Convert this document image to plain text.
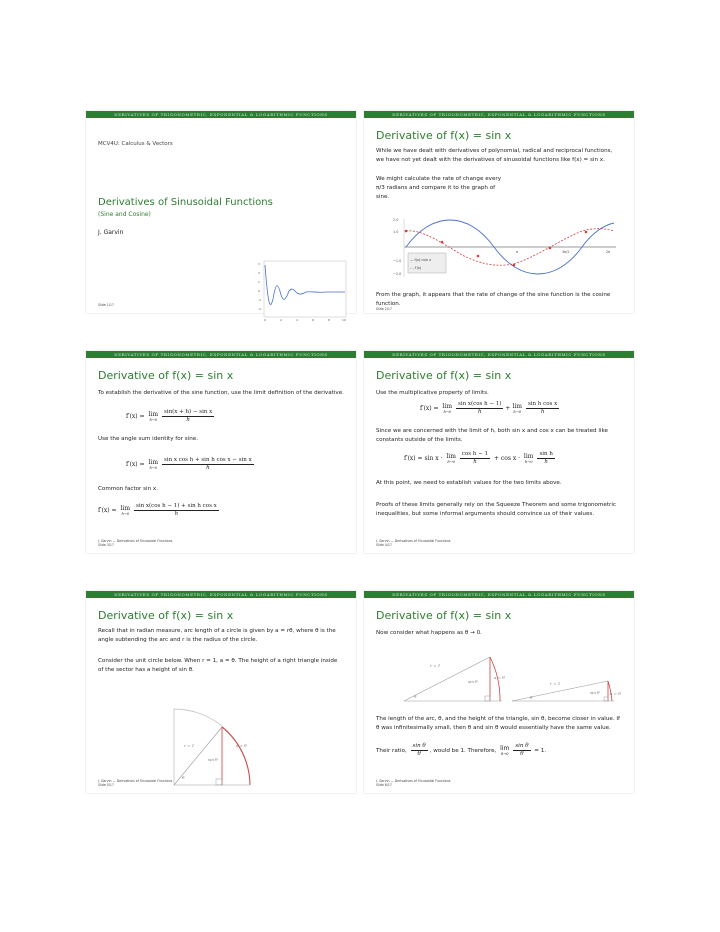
DERIVATIVES OF TRIGONOMETRIC, EXPONENTIAL & LOGARITHMIC FUNCTIONS
MCV4U: Calculus & Vectors
Derivatives of Sinusoidal Functions
(Sine and Cosine)
J. Garvin
3
2
1
0
-1
-2
0	2	4	6	8	10
Slide 1/17
DERIVATIVES OF TRIGONOMETRIC, EXPONENTIAL & LOGARITHMIC FUNCTIONS
Derivative of f(x) = sin x
While we have dealt with derivatives of polynomial, radical and reciprocal functions, we have not yet dealt with the derivatives of sinusoidal functions like f(x) = sin x.
We might calculate the rate of change every π/3 radians and compare it to the graph of sine.
2.0
1.0
−1.0
−2.0
π	3π/2	2π
— f(x)=sin x
- - f′(x)
From the graph, it appears that the rate of change of the sine function is the cosine function.
Slide 2/17
DERIVATIVES OF TRIGONOMETRIC, EXPONENTIAL & LOGARITHMIC FUNCTIONS
Derivative of f(x) = sin x
To establish the derivative of the sine function, use the limit definition of the derivative.
f′(x) = lim
$h\to 0 \frac{\text{sin(x + h) − sin x}}{h}$
Use the angle sum identity for sine.
f′(x) = lim
$h\to 0 \frac{\text{sin x cos h + sin h cos x − sin x}}{h}$
Common factor sin x.
f′(x) = lim
$h\to 0 \frac{\text{sin x(cos h − 1) + sin h cos x}}{h}$
J. Garvin — Derivatives of Sinusoidal Functions
Slide 3/17
DERIVATIVES OF TRIGONOMETRIC, EXPONENTIAL & LOGARITHMIC FUNCTIONS
Derivative of f(x) = sin x
Use the multiplicative property of limits.
f′(x) = lim
$h\to 0 \frac{\text{sin x(cos h − 1)}}{h} + \lim$
$h\to 0 \frac{\text{sin h cos x}}{h}$
Since we are concerned with the limit of h, both sin x and cos x can be treated like constants outside of the limits.
f′(x) = sin x · lim
$h\to 0 \frac{\text{cos h − 1}}{h} + \cos x \cdot \lim$
$h\to 0 \frac{\text{sin h}}{h}$
At this point, we need to establish values for the two limits above.
Proofs of these limits generally rely on the Squeeze Theorem and some trigonometric inequalities, but some informal arguments should convince us of their values.
J. Garvin — Derivatives of Sinusoidal Functions
Slide 4/17
DERIVATIVES OF TRIGONOMETRIC, EXPONENTIAL & LOGARITHMIC FUNCTIONS
Derivative of f(x) = sin x
Recall that in radian measure, arc length of a circle is given by a = rθ, where θ is the angle subtending the arc and r is the radius of the circle.
Consider the unit circle below. When r = 1, a = θ. The height of a right triangle inside of the sector has a height of sin θ.
r = 1	a = θ
sin θ
θ
J. Garvin — Derivatives of Sinusoidal Functions
Slide 5/17
DERIVATIVES OF TRIGONOMETRIC, EXPONENTIAL & LOGARITHMIC FUNCTIONS
Derivative of f(x) = sin x
Now consider what happens as θ → 0.
r = 1
a = θ
sin θ
θ
r = 1
sin θ	a = θ
θ
The length of the arc, θ, and the height of the triangle, sin θ, become closer in value. If θ was infinitesimally small, then θ and sin θ would essentially have the same value.
Their ratio, $\frac{\text{sin θ}}{\theta}$ , would be 1. Therefore, lim
$\theta\to 0 \frac{\text{sin θ}}{\theta} = 1$.
J. Garvin — Derivatives of Sinusoidal Functions
Slide 6/17
